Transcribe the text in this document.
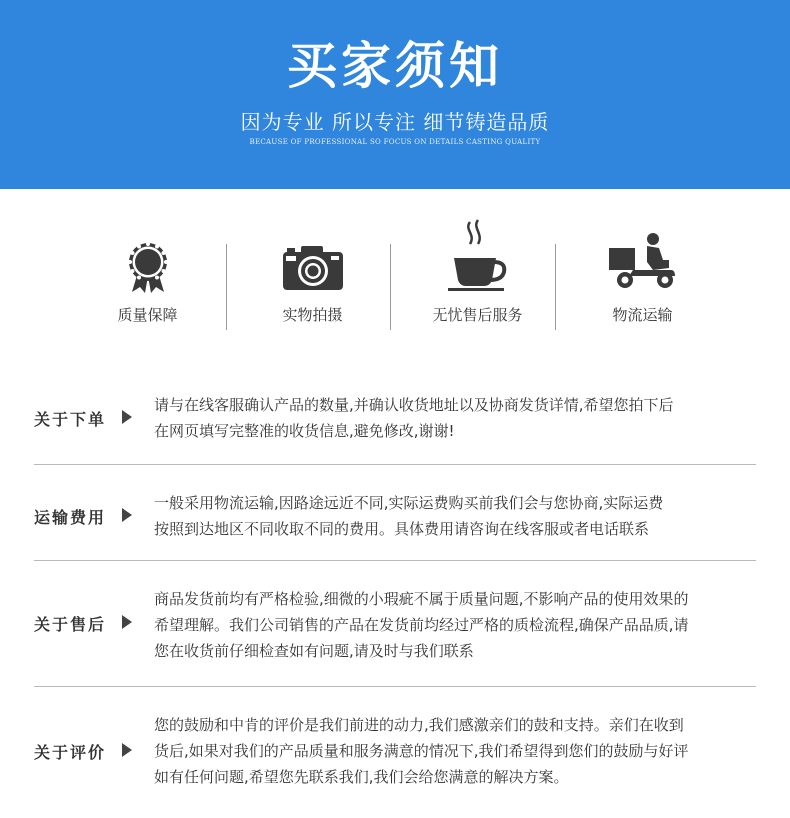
买家须知
因为专业 所以专注 细节铸造品质
BECAUSE OF PROFESSIONAL SO FOCUS ON DETAILS CASTING QUALITY
质量保障	实物拍摄	无忧售后服务	物流运输
关于下单
请与在线客服确认产品的数量,并确认收货地址以及协商发货详情,希望您拍下后
在网页填写完整准的收货信息,避免修改,谢谢!
运输费用
一般采用物流运输,因路途远近不同,实际运费购买前我们会与您协商,实际运费
按照到达地区不同收取不同的费用。具体费用请咨询在线客服或者电话联系
关于售后
商品发货前均有严格检验,细微的小瑕疵不属于质量问题,不影响产品的使用效果的
希望理解。我们公司销售的产品在发货前均经过严格的质检流程,确保产品品质,请
您在收货前仔细检查如有问题,请及时与我们联系
关于评价
您的鼓励和中肯的评价是我们前进的动力,我们感激亲们的鼓和支持。亲们在收到
货后,如果对我们的产品质量和服务满意的情况下,我们希望得到您们的鼓励与好评
如有任何问题,希望您先联系我们,我们会给您满意的解决方案。
